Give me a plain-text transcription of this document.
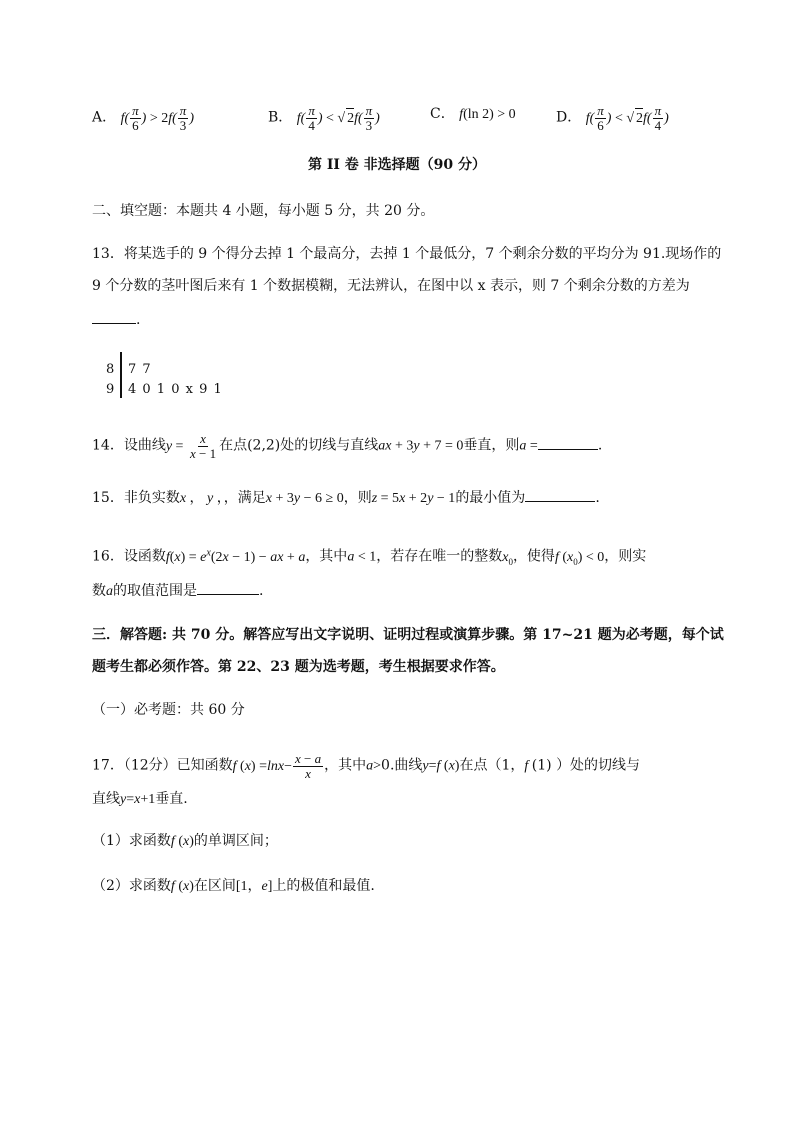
A． $f( \frac{\pi}{6}$ ) > $2f( \frac{\pi}{3}$ )	B． $f( \frac{\pi}{4}$ ) < √ $2f( \frac{\pi}{3}$ )	C． f(ln 2) > 0	D． $f( \frac{\pi}{6}$ ) < √ $2f( \frac{\pi}{4}$ )
第 II 卷 非选择题（90 分）
二、填空题：本题共 4 小题，每小题 5 分，共 20 分。
13．将某选手的 9 个得分去掉 1 个最高分，去掉 1 个最低分，7 个剩余分数的平均分为 91.现场作的
9 个分数的茎叶图后来有 1 个数据模糊，无法辨认，在图中以 x 表示，则 7 个剩余分数的方差为
.
8 7 7
9 4 0 1 0 x 9 1
14．设曲线$y = \frac{x}{x - 1}$ 在点(2,2)处的切线与直线ax + 3y + 7 = 0垂直，则a =	.
15．非负实数x ， y ，，满足x + 3y − 6 ≥ 0，则z = 5x + 2y − 1的最小值为	.
16．设函数$f(x) = e^x(2x - 1)$ − ax + a，其中a < 1，若存在唯一的整数$x_0$，使得f $(x_0) < 0$，则实
数a的取值范围是	.
三．解答题: 共 70 分。解答应写出文字说明、证明过程或演算步骤。第 17~21 题为必考题，每个试
题考生都必须作答。第 22、23 题为选考题，考生根据要求作答。
（一）必考题：共 60 分
17．（12分）已知函数f $(x) =\ln x- \frac{x - a}{x}$ ，其中a>0.曲线y=f (x)在点（1，f (1) ）处的切线与
直线y=x+1垂直.
（1）求函数f (x)的单调区间；
（2）求函数f (x)在区间[1，e]上的极值和最值.
